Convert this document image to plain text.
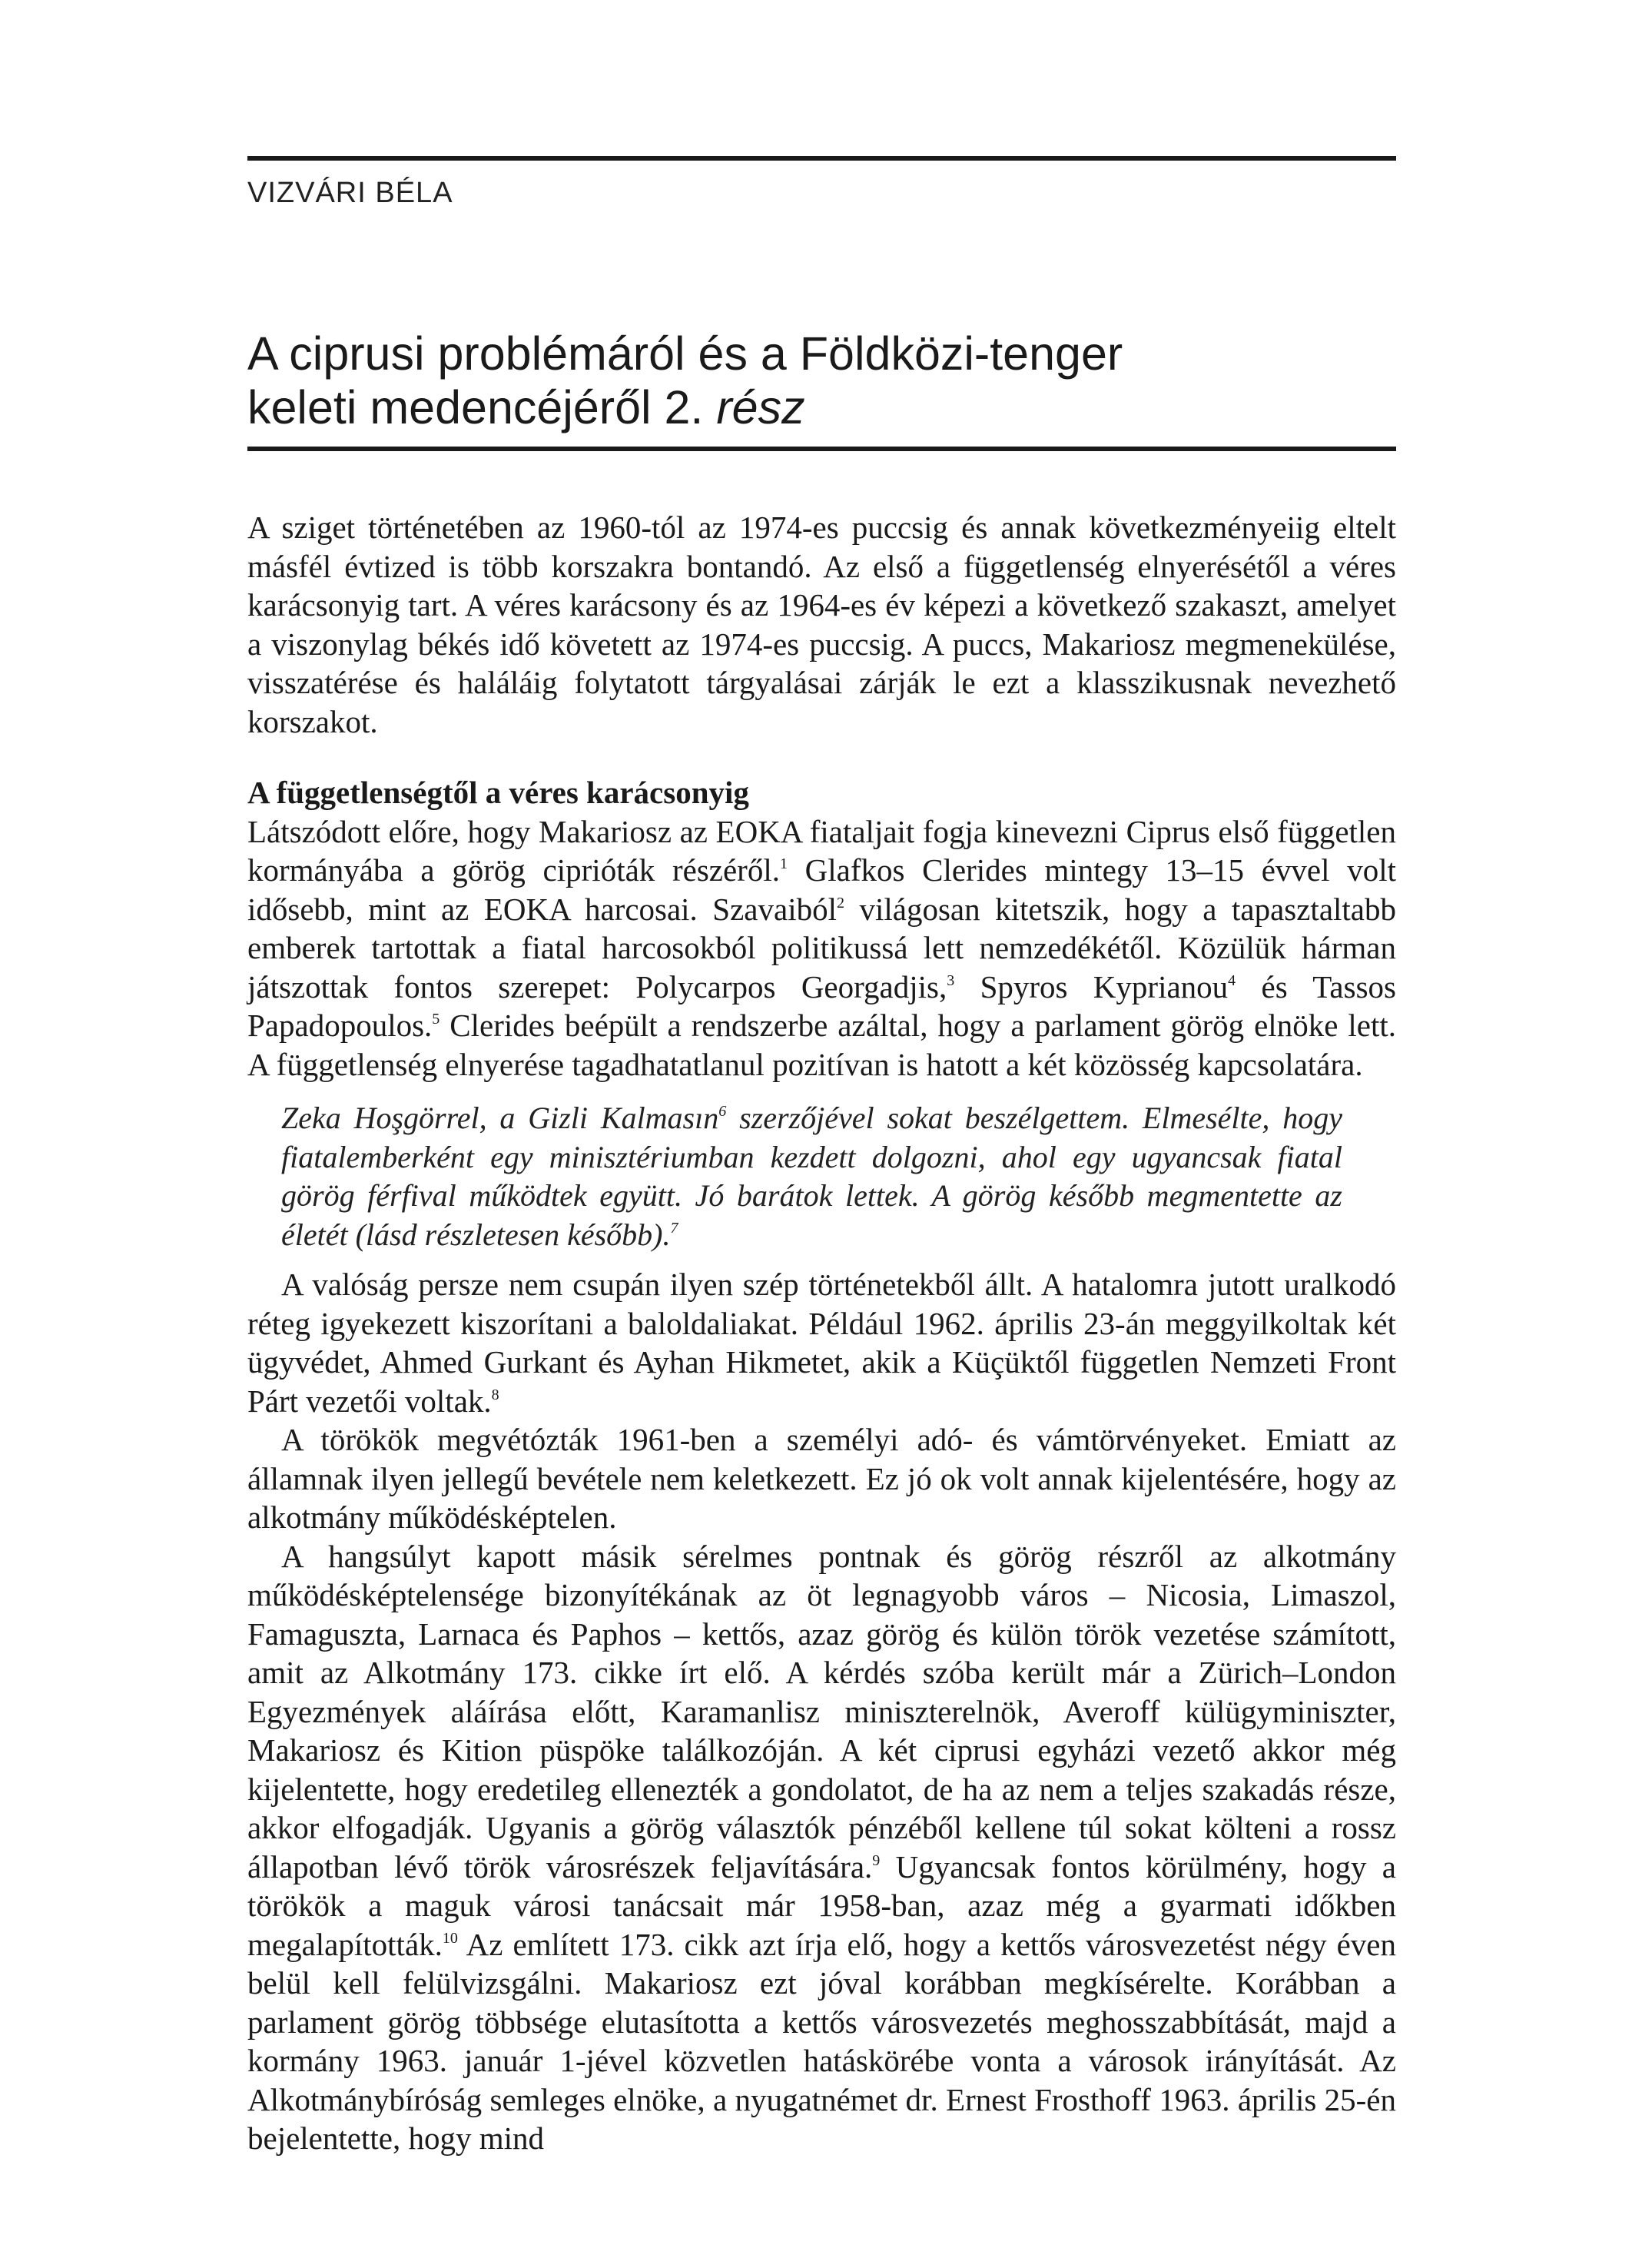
VIZVÁRI BÉLA
A ciprusi problémáról és a Földközi-tenger
keleti medencéjéről 2. rész

A sziget történetében az 1960-tól az 1974-es puccsig és annak következményeiig eltelt másfél évtized is több korszakra bontandó. Az első a függetlenség elnyerésétől a véres karácsonyig tart. A véres karácsony és az 1964-es év képezi a következő szakaszt, amelyet a viszonylag békés idő követett az 1974-es puccsig. A puccs, Makariosz megmenekülése, visszatérése és haláláig folytatott tárgyalásai zárják le ezt a klasszikusnak nevezhető korszakot.

A függetlenségtől a véres karácsonyig

Látszódott előre, hogy Makariosz az EOKA fiataljait fogja kinevezni Ciprus első független kormányába a görög ciprióták részéről.$^1$ Glafkos Clerides mintegy 13–15 évvel volt idősebb, mint az EOKA harcosai. Szavaiból$^2$ világosan kitetszik, hogy a tapasztaltabb emberek tartottak a fiatal harcosokból politikussá lett nemzedékétől. Közülük hárman játszottak fontos szerepet: Polycarpos Georgadjis,$^3$ Spyros Kyprianou$^4$ és Tassos Papadopoulos.$^5$ Clerides beépült a rendszerbe azáltal, hogy a parlament görög elnöke lett. A függetlenség elnyerése tagadhatatlanul pozitívan is hatott a két közösség kapcsolatára.

Zeka Hoşgörrel, a Gizli Kalmasın$^6$ szerzőjével sokat beszélgettem. Elmesélte, hogy fiatalemberként egy minisztériumban kezdett dolgozni, ahol egy ugyancsak fiatal görög férfival működtek együtt. Jó barátok lettek. A görög később megmentette az életét (lásd részletesen később).$^7$

A valóság persze nem csupán ilyen szép történetekből állt. A hatalomra jutott uralkodó réteg igyekezett kiszorítani a baloldaliakat. Például 1962. április 23-án meggyilkoltak két ügyvédet, Ahmed Gurkant és Ayhan Hikmetet, akik a Küçüktől független Nemzeti Front Párt vezetői voltak.$^8$

A törökök megvétózták 1961-ben a személyi adó- és vámtörvényeket. Emiatt az államnak ilyen jellegű bevétele nem keletkezett. Ez jó ok volt annak kijelentésére, hogy az alkotmány működésképtelen.

A hangsúlyt kapott másik sérelmes pontnak és görög részről az alkotmány működésképtelensége bizonyítékának az öt legnagyobb város – Nicosia, Limaszol, Famaguszta, Larnaca és Paphos – kettős, azaz görög és külön török vezetése számított, amit az Alkotmány 173. cikke írt elő. A kérdés szóba került már a Zürich–London Egyezmények aláírása előtt, Karamanlisz miniszterelnök, Averoff külügyminiszter, Makariosz és Kition püspöke találkozóján. A két ciprusi egyházi vezető akkor még kijelentette, hogy eredetileg ellenezték a gondolatot, de ha az nem a teljes szakadás része, akkor elfogadják. Ugyanis a görög választók pénzéből kellene túl sokat költeni a rossz állapotban lévő török városrészek feljavítására.$^9$ Ugyancsak fontos körülmény, hogy a törökök a maguk városi tanácsait már 1958-ban, azaz még a gyarmati időkben megalapították.$^{10}$ Az említett 173. cikk azt írja elő, hogy a kettős városvezetést négy éven belül kell felülvizsgálni. Makariosz ezt jóval korábban megkísérelte. Korábban a parlament görög többsége elutasította a kettős városvezetés meghosszabbítását, majd a kormány 1963. január 1-jével közvetlen hatáskörébe vonta a városok irányítását. Az Alkotmánybíróság semleges elnöke, a nyugatnémet dr. Ernest Frosthoff 1963. április 25-én bejelentette, hogy mind
